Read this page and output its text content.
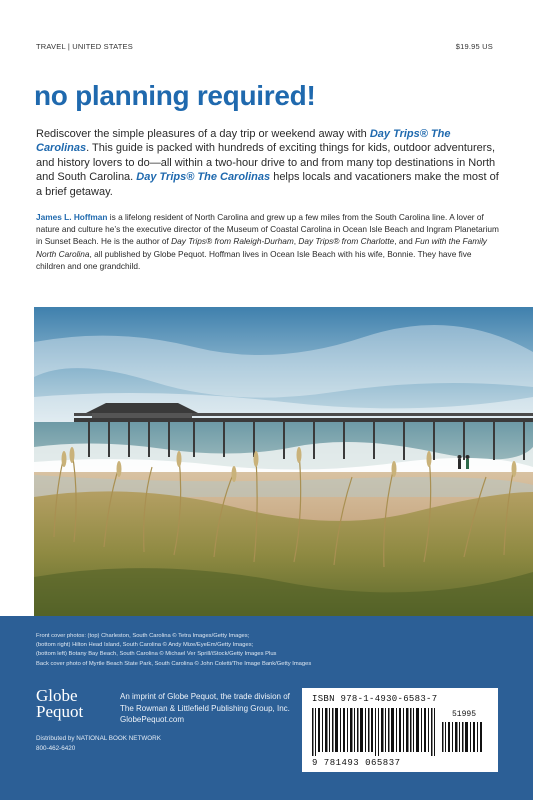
TRAVEL | UNITED STATES	$19.95 US
no planning required!
Rediscover the simple pleasures of a day trip or weekend away with Day Trips® The Carolinas. This guide is packed with hundreds of exciting things for kids, outdoor adventurers, and history lovers to do—all within a two-hour drive to and from many top destinations in North and South Carolina. Day Trips® The Carolinas helps locals and vacationers make the most of a brief getaway.
James L. Hoffman is a lifelong resident of North Carolina and grew up a few miles from the South Carolina line. A lover of nature and culture he’s the executive director of the Museum of Coastal Carolina in Ocean Isle Beach and Ingram Planetarium in Sunset Beach. He is the author of Day Trips® from Raleigh-Durham, Day Trips® from Charlotte, and Fun with the Family North Carolina, all published by Globe Pequot. Hoffman lives in Ocean Isle Beach with his wife, Bonnie. They have five children and one grandchild.
Front cover photos: (top) Charleston, South Carolina © Tetra Images/Getty Images;
(bottom right) Hilton Head Island, South Carolina © Andy Mize/EyeEm/Getty Images;
(bottom left) Botany Bay Beach, South Carolina © Michael Ver Sprill/iStock/Getty Images Plus
Back cover photo of Myrtle Beach State Park, South Carolina © John Coletti/The Image Bank/Getty Images
Globe
Pequot
An imprint of Globe Pequot, the trade division of
The Rowman & Littlefield Publishing Group, Inc.
GlobePequot.com
Distributed by NATIONAL BOOK NETWORK
800-462-6420
ISBN 978-1-4930-6583-7
51995
9 781493 065837
